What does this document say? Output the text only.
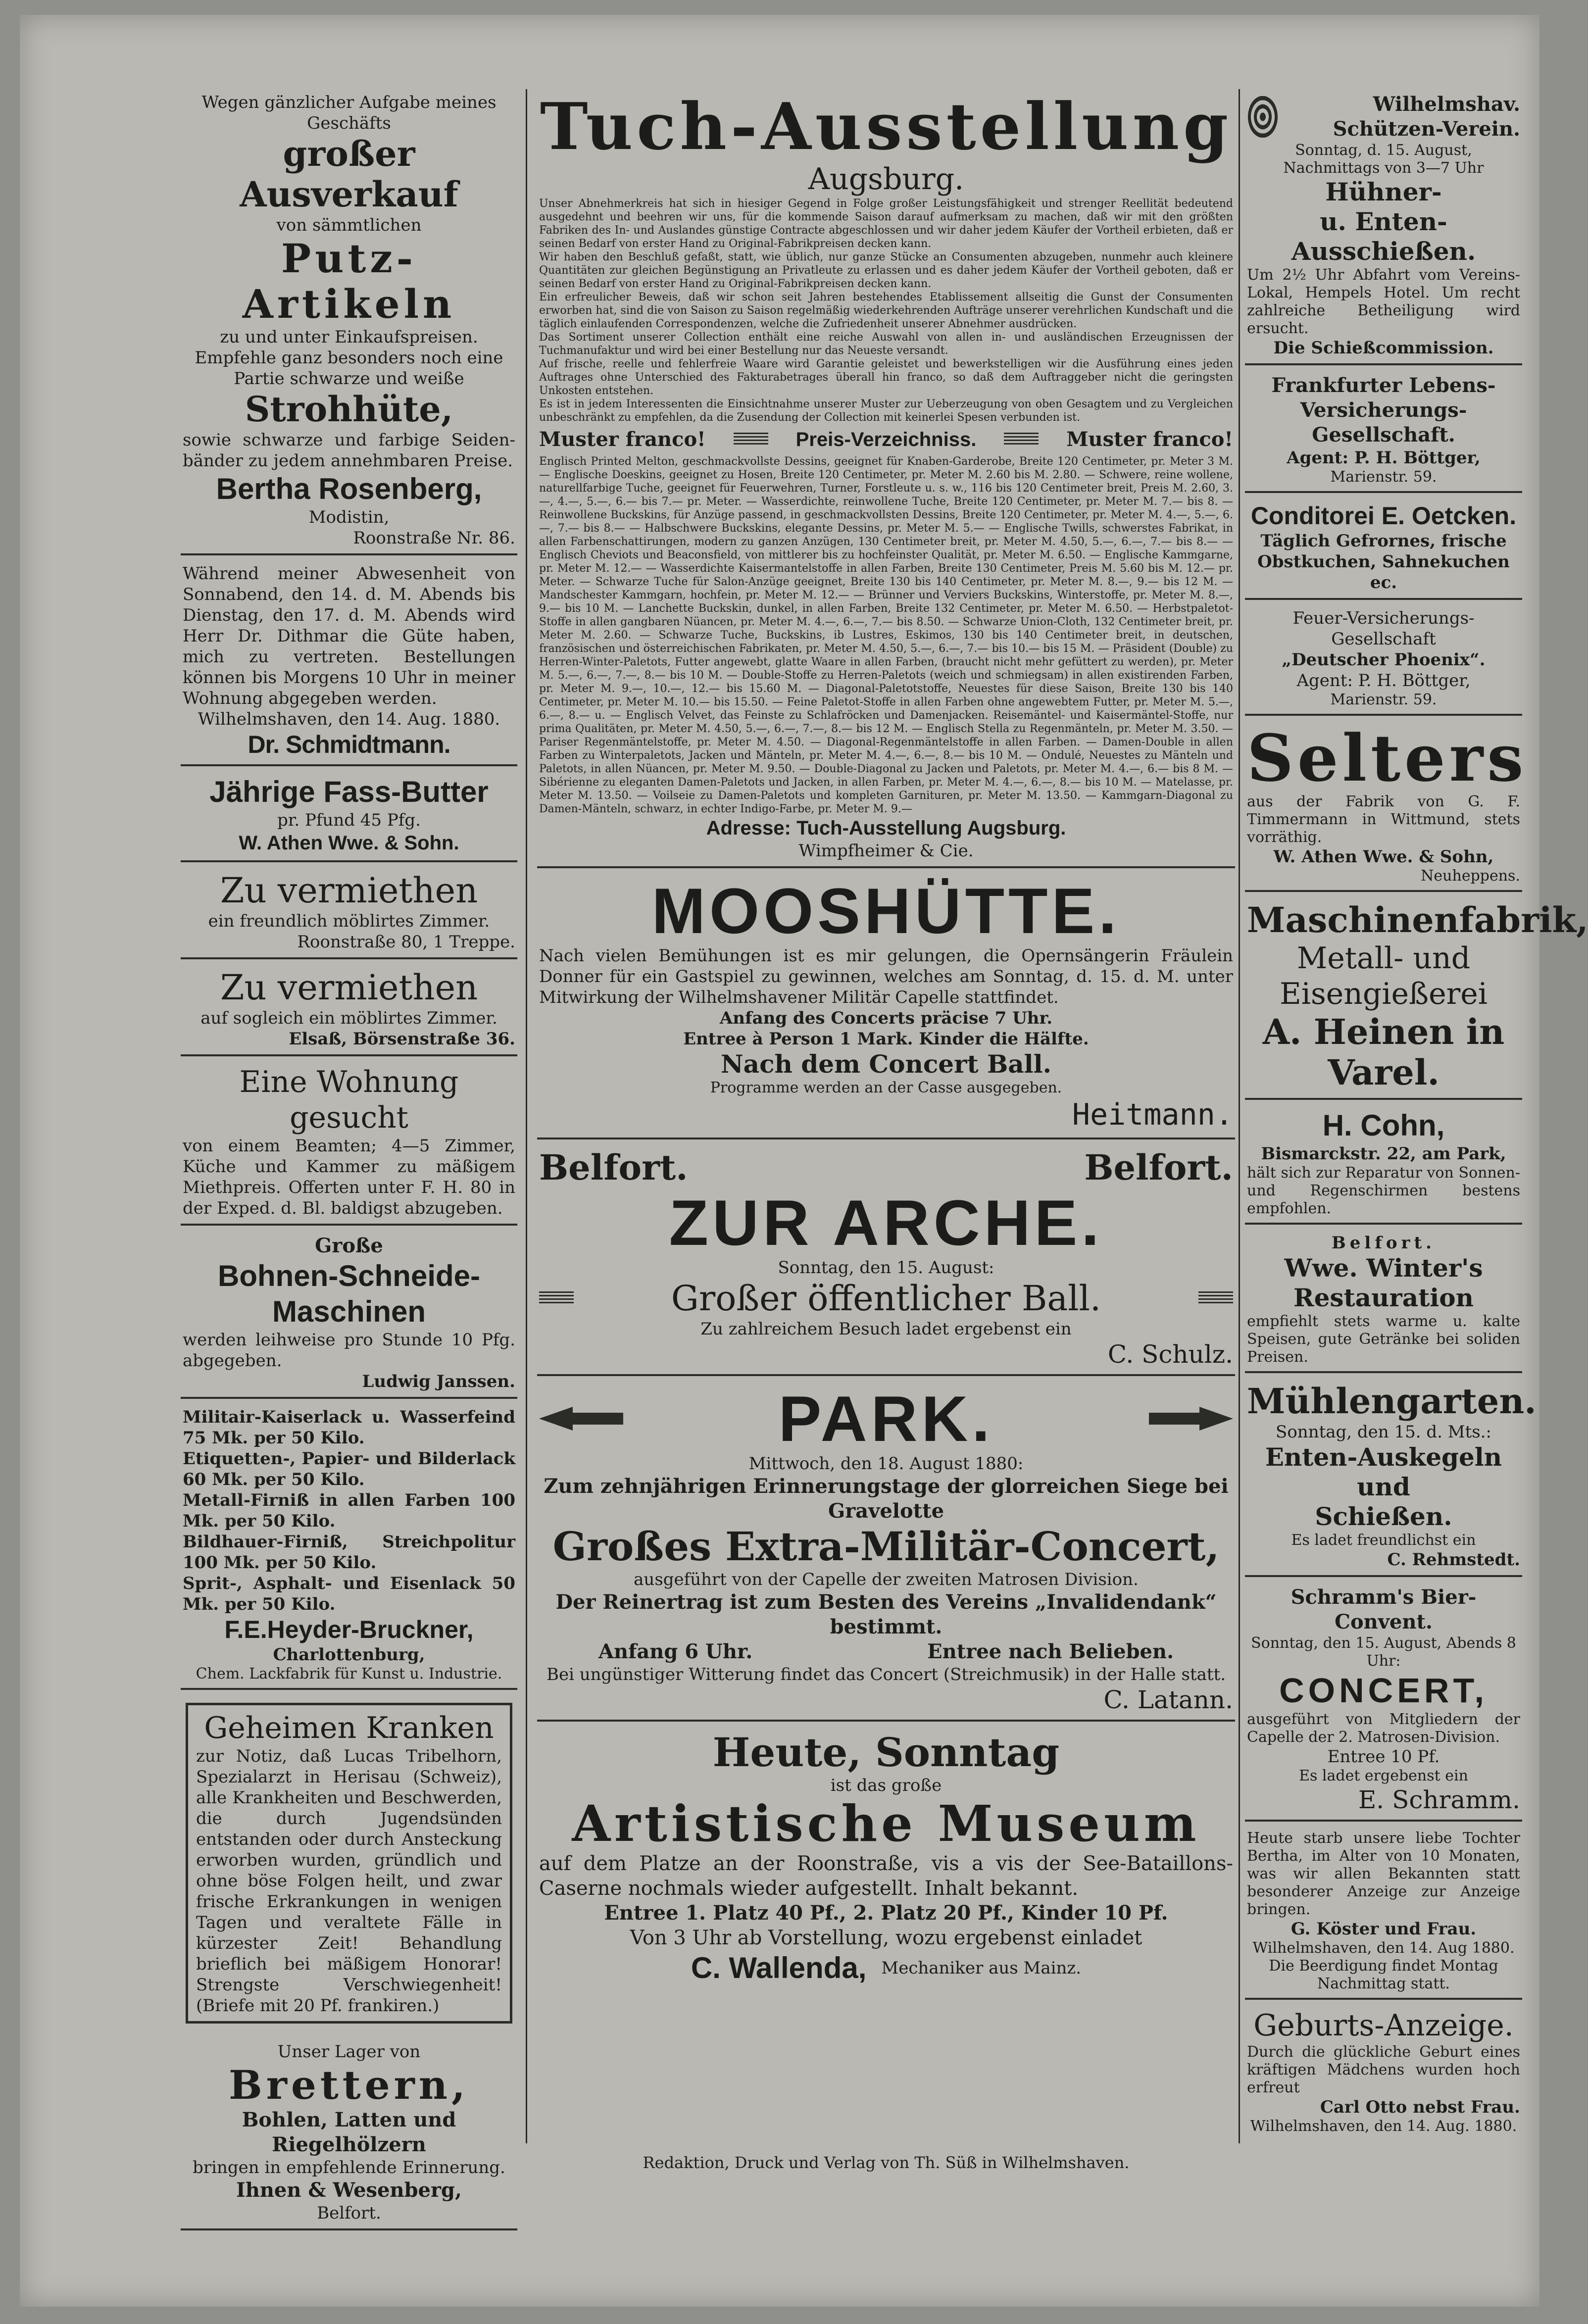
Wegen gänzlicher Aufgabe meines Geschäfts
großer Ausverkauf
von sämmtlichen
Putz-Artikeln
zu und unter Einkaufspreisen.
Empfehle ganz besonders noch eine Partie schwarze und weiße
Strohhüte,
sowie schwarze und farbige Seiden-bänder zu jedem annehmbaren Preise.
Bertha Rosenberg,
Modistin,
Roonstraße Nr. 86.
Während meiner Abwesenheit von Sonnabend, den 14. d. M. Abends bis Dienstag, den 17. d. M. Abends wird Herr Dr. Dithmar die Güte haben, mich zu vertreten. Bestellungen können bis Morgens 10 Uhr in meiner Wohnung abgegeben werden.
Wilhelmshaven, den 14. Aug. 1880.
Dr. Schmidtmann.
Jährige Fass-Butter
pr. Pfund 45 Pfg.
W. Athen Wwe. & Sohn.
Zu vermiethen
ein freundlich möblirtes Zimmer.
Roonstraße 80, 1 Treppe.
Zu vermiethen
auf sogleich ein möblirtes Zimmer.
Elsaß, Börsenstraße 36.
Eine Wohnung gesucht
von einem Beamten; 4—5 Zimmer, Küche und Kammer zu mäßigem Miethpreis. Offerten unter F. H. 80 in der Exped. d. Bl. baldigst abzugeben.
Große
Bohnen-Schneide-
Maschinen
werden leihweise pro Stunde 10 Pfg. abgegeben.
Ludwig Janssen.
Militair-Kaiserlack u. Wasserfeind 75 Mk. per 50 Kilo.
Etiquetten-, Papier- und Bilderlack 60 Mk. per 50 Kilo.
Metall-Firniß in allen Farben 100 Mk. per 50 Kilo.
Bildhauer-Firniß, Streichpolitur 100 Mk. per 50 Kilo.
Sprit-, Asphalt- und Eisenlack 50 Mk. per 50 Kilo.
F.E.Heyder-Bruckner,
Charlottenburg,
Chem. Lackfabrik für Kunst u. Industrie.
Geheimen Kranken
zur Notiz, daß Lucas Tribelhorn, Spezialarzt in Herisau (Schweiz), alle Krankheiten und Beschwerden, die durch Jugendsünden entstanden oder durch Ansteckung erworben wurden, gründlich und ohne böse Folgen heilt, und zwar frische Erkrankungen in wenigen Tagen und veraltete Fälle in kürzester Zeit! Behandlung brieflich bei mäßigem Honorar! Strengste Verschwiegenheit! (Briefe mit 20 Pf. frankiren.)
Unser Lager von
Brettern,
Bohlen, Latten und Riegelhölzern
bringen in empfehlende Erinnerung.
Ihnen & Wesenberg,
Belfort.
Tuch-Ausstellung
Augsburg.
Unser Abnehmerkreis hat sich in hiesiger Gegend in Folge großer Leistungsfähigkeit und strenger Reellität bedeutend ausgedehnt und beehren wir uns, für die kommende Saison darauf aufmerksam zu machen, daß wir mit den größten Fabriken des In- und Auslandes günstige Contracte abgeschlossen und wir daher jedem Käufer der Vortheil erbieten, daß er seinen Bedarf von erster Hand zu Original-Fabrikpreisen decken kann.
Wir haben den Beschluß gefaßt, statt, wie üblich, nur ganze Stücke an Consumenten abzugeben, nunmehr auch kleinere Quantitäten zur gleichen Begünstigung an Privatleute zu erlassen und es daher jedem Käufer der Vortheil geboten, daß er seinen Bedarf von erster Hand zu Original-Fabrikpreisen decken kann.
Ein erfreulicher Beweis, daß wir schon seit Jahren bestehendes Etablissement allseitig die Gunst der Consumenten erworben hat, sind die von Saison zu Saison regelmäßig wiederkehrenden Aufträge unserer verehrlichen Kundschaft und die täglich einlaufenden Correspondenzen, welche die Zufriedenheit unserer Abnehmer ausdrücken.
Das Sortiment unserer Collection enthält eine reiche Auswahl von allen in- und ausländischen Erzeugnissen der Tuchmanufaktur und wird bei einer Bestellung nur das Neueste versandt.
Auf frische, reelle und fehlerfreie Waare wird Garantie geleistet und bewerkstelligen wir die Ausführung eines jeden Auftrages ohne Unterschied des Fakturabetrages überall hin franco, so daß dem Auftraggeber nicht die geringsten Unkosten entstehen.
Es ist in jedem Interessenten die Einsichtnahme unserer Muster zur Ueberzeugung von oben Gesagtem und zu Vergleichen unbeschränkt zu empfehlen, da die Zusendung der Collection mit keinerlei Spesen verbunden ist.
Muster franco!	Preis-Verzeichniss.	Muster franco!
Englisch Printed Melton, geschmackvollste Dessins, geeignet für Knaben-Garderobe, Breite 120 Centimeter, pr. Meter 3 M. — Englische Doeskins, geeignet zu Hosen, Breite 120 Centimeter, pr. Meter M. 2.60 bis M. 2.80. — Schwere, reine wollene, naturellfarbige Tuche, geeignet für Feuerwehren, Turner, Forstleute u. s. w., 116 bis 120 Centimeter breit, Preis M. 2.60, 3.—, 4.—, 5.—, 6.— bis 7.— pr. Meter. — Wasserdichte, reinwollene Tuche, Breite 120 Centimeter, pr. Meter M. 7.— bis 8. — Reinwollene Buckskins, für Anzüge passend, in geschmackvollsten Dessins, Breite 120 Centimeter, pr. Meter M. 4.—, 5.—, 6.—, 7.— bis 8.— — Halbschwere Buckskins, elegante Dessins, pr. Meter M. 5.— — Englische Twills, schwerstes Fabrikat, in allen Farbenschattirungen, modern zu ganzen Anzügen, 130 Centimeter breit, pr. Meter M. 4.50, 5.—, 6.—, 7.— bis 8.— — Englisch Cheviots und Beaconsfield, von mittlerer bis zu hochfeinster Qualität, pr. Meter M. 6.50. — Englische Kammgarne, pr. Meter M. 12.— — Wasserdichte Kaisermantelstoffe in allen Farben, Breite 130 Centimeter, Preis M. 5.60 bis M. 12.— pr. Meter. — Schwarze Tuche für Salon-Anzüge geeignet, Breite 130 bis 140 Centimeter, pr. Meter M. 8.—, 9.— bis 12 M. — Mandschester Kammgarn, hochfein, pr. Meter M. 12.— — Brünner und Verviers Buckskins, Winterstoffe, pr. Meter M. 8.—, 9.— bis 10 M. — Lanchette Buckskin, dunkel, in allen Farben, Breite 132 Centimeter, pr. Meter M. 6.50. — Herbstpaletot-Stoffe in allen gangbaren Nüancen, pr. Meter M. 4.—, 6.—, 7.— bis 8.50. — Schwarze Union-Cloth, 132 Centimeter breit, pr. Meter M. 2.60. — Schwarze Tuche, Buckskins, ib Lustres, Eskimos, 130 bis 140 Centimeter breit, in deutschen, französischen und österreichischen Fabrikaten, pr. Meter M. 4.50, 5.—, 6.—, 7.— bis 10.— bis 15 M. — Präsident (Double) zu Herren-Winter-Paletots, Futter angewebt, glatte Waare in allen Farben, (braucht nicht mehr gefüttert zu werden), pr. Meter M. 5.—, 6.—, 7.—, 8.— bis 10 M. — Double-Stoffe zu Herren-Paletots (weich und schmiegsam) in allen existirenden Farben, pr. Meter M. 9.—, 10.—, 12.— bis 15.60 M. — Diagonal-Paletotstoffe, Neuestes für diese Saison, Breite 130 bis 140 Centimeter, pr. Meter M. 10.— bis 15.50. — Feine Paletot-Stoffe in allen Farben ohne angewebtem Futter, pr. Meter M. 5.—, 6.—, 8.— u. — Englisch Velvet, das Feinste zu Schlafröcken und Damenjacken. Reisemäntel- und Kaisermäntel-Stoffe, nur prima Qualitäten, pr. Meter M. 4.50, 5.—, 6.—, 7.—, 8.— bis 12 M. — Englisch Stella zu Regenmänteln, pr. Meter M. 3.50. — Pariser Regenmäntelstoffe, pr. Meter M. 4.50. — Diagonal-Regenmäntelstoffe in allen Farben. — Damen-Double in allen Farben zu Winterpaletots, Jacken und Mänteln, pr. Meter M. 4.—, 6.—, 8.— bis 10 M. — Ondulé, Neuestes zu Mänteln und Paletots, in allen Nüancen, pr. Meter M. 9.50. — Double-Diagonal zu Jacken und Paletots, pr. Meter M. 4.—, 6.— bis 8 M. — Sibérienne zu eleganten Damen-Paletots und Jacken, in allen Farben, pr. Meter M. 4.—, 6.—, 8.— bis 10 M. — Matelasse, pr. Meter M. 13.50. — Voilseie zu Damen-Paletots und kompleten Garnituren, pr. Meter M. 13.50. — Kammgarn-Diagonal zu Damen-Mänteln, schwarz, in echter Indigo-Farbe, pr. Meter M. 9.—
Adresse: Tuch-Ausstellung Augsburg.
Wimpfheimer & Cie.
MOOSHÜTTE.
Nach vielen Bemühungen ist es mir gelungen, die Opernsängerin Fräulein Donner für ein Gastspiel zu gewinnen, welches am Sonntag, d. 15. d. M. unter Mitwirkung der Wilhelmshavener Militär Capelle stattfindet.
Anfang des Concerts präcise 7 Uhr.
Entree à Person 1 Mark. Kinder die Hälfte.
Nach dem Concert Ball.
Programme werden an der Casse ausgegeben.
Heitmann.
Belfort.	Belfort.
ZUR ARCHE.
Sonntag, den 15. August:
Großer öffentlicher Ball.
Zu zahlreichem Besuch ladet ergebenst ein
C. Schulz.
PARK.
Mittwoch, den 18. August 1880:
Zum zehnjährigen Erinnerungstage der glorreichen Siege bei Gravelotte
Großes Extra-Militär-Concert,
ausgeführt von der Capelle der zweiten Matrosen Division.
Der Reinertrag ist zum Besten des Vereins „Invalidendank“ bestimmt.
Anfang 6 Uhr.	Entree nach Belieben.
Bei ungünstiger Witterung findet das Concert (Streichmusik) in der Halle statt.
C. Latann.
Heute, Sonntag
ist das große
Artistische Museum
auf dem Platze an der Roonstraße, vis a vis der See-Bataillons-Caserne nochmals wieder aufgestellt. Inhalt bekannt.
Entree 1. Platz 40 Pf., 2. Platz 20 Pf., Kinder 10 Pf.
Von 3 Uhr ab Vorstellung, wozu ergebenst einladet
C. Wallenda, Mechaniker aus Mainz.
Wilhelmshav. Schützen-Verein.
Sonntag, d. 15. August, Nachmittags von 3—7 Uhr
Hühner-
u. Enten-Ausschießen.
Um 2½ Uhr Abfahrt vom Vereins-Lokal, Hempels Hotel. Um recht zahlreiche Betheiligung wird ersucht.
Die Schießcommission.
Frankfurter Lebens-Versicherungs-Gesellschaft.
Agent: P. H. Böttger,
Marienstr. 59.
Conditorei E. Oetcken.
Täglich Gefrornes, frische Obstkuchen, Sahnekuchen ec.
Feuer-Versicherungs-Gesellschaft
„Deutscher Phoenix“.
Agent: P. H. Böttger,
Marienstr. 59.
Selters
aus der Fabrik von G. F. Timmermann in Wittmund, stets vorräthig.
W. Athen Wwe. & Sohn,
Neuheppens.
Maschinenfabrik,
Metall- und Eisengießerei
A. Heinen in Varel.
H. Cohn,
Bismarckstr. 22, am Park,
hält sich zur Reparatur von Sonnen- und Regenschirmen bestens empfohlen.
Belfort.
Wwe. Winter's Restauration
empfiehlt stets warme u. kalte Speisen, gute Getränke bei soliden Preisen.
Mühlengarten.
Sonntag, den 15. d. Mts.:
Enten-Auskegeln und
Schießen.
Es ladet freundlichst ein
C. Rehmstedt.
Schramm's Bier-Convent.
Sonntag, den 15. August, Abends 8 Uhr:
CONCERT,
ausgeführt von Mitgliedern der Capelle der 2. Matrosen-Division.
Entree 10 Pf.
Es ladet ergebenst ein
E. Schramm.
Heute starb unsere liebe Tochter Bertha, im Alter von 10 Monaten, was wir allen Bekannten statt besonderer Anzeige zur Anzeige bringen.
G. Köster und Frau.
Wilhelmshaven, den 14. Aug 1880.
Die Beerdigung findet Montag Nachmittag statt.
Geburts-Anzeige.
Durch die glückliche Geburt eines kräftigen Mädchens wurden hoch erfreut
Carl Otto nebst Frau.
Wilhelmshaven, den 14. Aug. 1880.
Redaktion, Druck und Verlag von Th. Süß in Wilhelmshaven.
